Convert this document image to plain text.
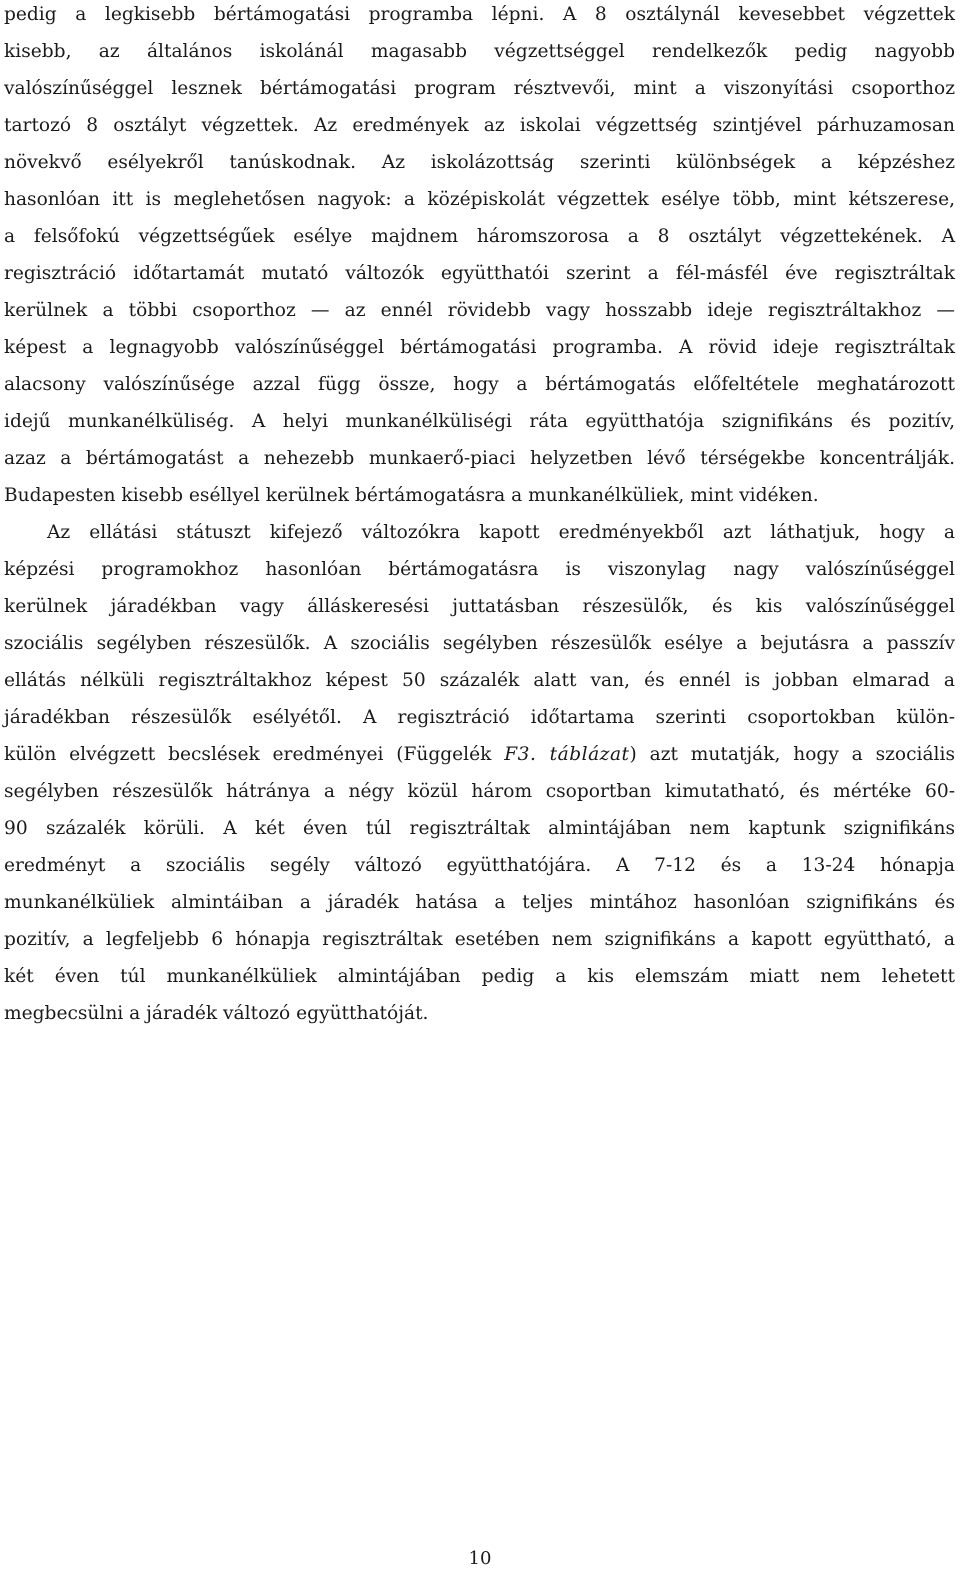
pedig a legkisebb bértámogatási programba lépni. A 8 osztálynál kevesebbet végzettek
kisebb, az általános iskolánál magasabb végzettséggel rendelkezők pedig nagyobb
valószínűséggel lesznek bértámogatási program résztvevői, mint a viszonyítási csoporthoz
tartozó 8 osztályt végzettek. Az eredmények az iskolai végzettség szintjével párhuzamosan
növekvő esélyekről tanúskodnak. Az iskolázottság szerinti különbségek a képzéshez
hasonlóan itt is meglehetősen nagyok: a középiskolát végzettek esélye több, mint kétszerese,
a felsőfokú végzettségűek esélye majdnem háromszorosa a 8 osztályt végzettekének. A
regisztráció időtartamát mutató változók együtthatói szerint a fél-másfél éve regisztráltak
kerülnek a többi csoporthoz — az ennél rövidebb vagy hosszabb ideje regisztráltakhoz —
képest a legnagyobb valószínűséggel bértámogatási programba. A rövid ideje regisztráltak
alacsony valószínűsége azzal függ össze, hogy a bértámogatás előfeltétele meghatározott
idejű munkanélküliség. A helyi munkanélküliségi ráta együtthatója szignifikáns és pozitív,
azaz a bértámogatást a nehezebb munkaerő-piaci helyzetben lévő térségekbe koncentrálják.
Budapesten kisebb eséllyel kerülnek bértámogatásra a munkanélküliek, mint vidéken.
Az ellátási státuszt kifejező változókra kapott eredményekből azt láthatjuk, hogy a
képzési programokhoz hasonlóan bértámogatásra is viszonylag nagy valószínűséggel
kerülnek járadékban vagy álláskeresési juttatásban részesülők, és kis valószínűséggel
szociális segélyben részesülők. A szociális segélyben részesülők esélye a bejutásra a passzív
ellátás nélküli regisztráltakhoz képest 50 százalék alatt van, és ennél is jobban elmarad a
járadékban részesülők esélyétől. A regisztráció időtartama szerinti csoportokban külön-
külön elvégzett becslések eredményei (Függelék F3. táblázat) azt mutatják, hogy a szociális
segélyben részesülők hátránya a négy közül három csoportban kimutatható, és mértéke 60-
90 százalék körüli. A két éven túl regisztráltak almintájában nem kaptunk szignifikáns
eredményt a szociális segély változó együtthatójára. A 7-12 és a 13-24 hónapja
munkanélküliek almintáiban a járadék hatása a teljes mintához hasonlóan szignifikáns és
pozitív, a legfeljebb 6 hónapja regisztráltak esetében nem szignifikáns a kapott együttható, a
két éven túl munkanélküliek almintájában pedig a kis elemszám miatt nem lehetett
megbecsülni a járadék változó együtthatóját.
10
